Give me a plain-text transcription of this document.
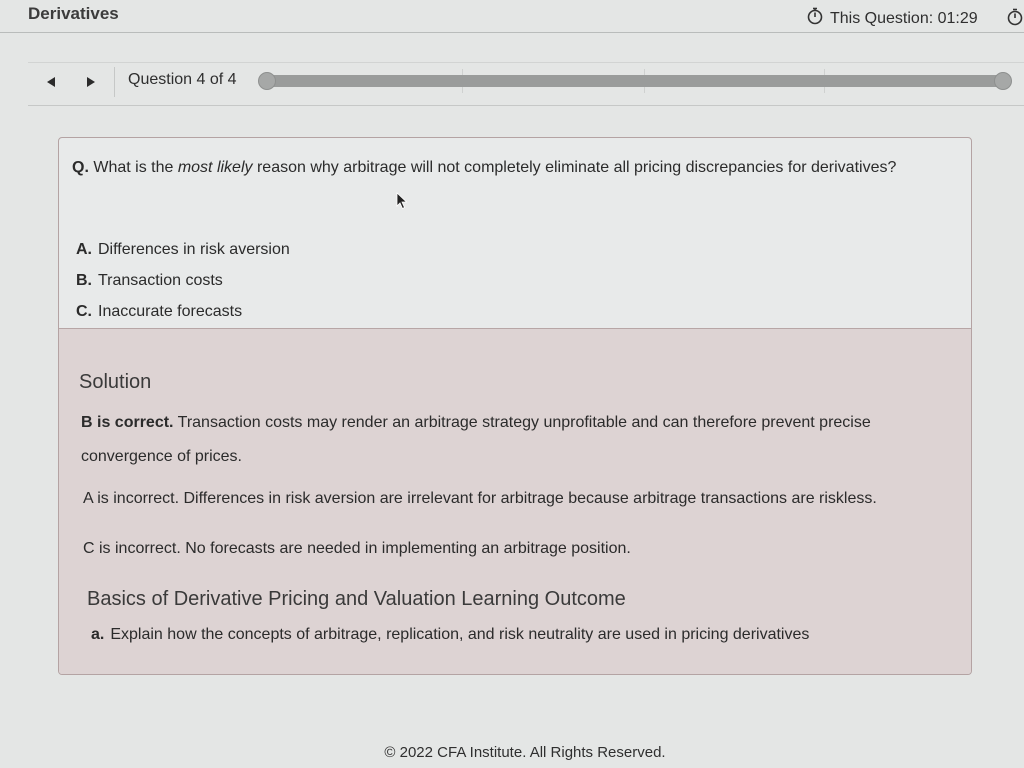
Derivatives	This Question: 01:29
Question 4 of 4
Q. What is the most likely reason why arbitrage will not completely eliminate all pricing discrepancies for derivatives?
A. Differences in risk aversion
B. Transaction costs
C. Inaccurate forecasts
Solution
B is correct. Transaction costs may render an arbitrage strategy unprofitable and can therefore prevent precise convergence of prices.
A is incorrect. Differences in risk aversion are irrelevant for arbitrage because arbitrage transactions are riskless.
C is incorrect. No forecasts are needed in implementing an arbitrage position.
Basics of Derivative Pricing and Valuation Learning Outcome
a. Explain how the concepts of arbitrage, replication, and risk neutrality are used in pricing derivatives
© 2022 CFA Institute. All Rights Reserved.
